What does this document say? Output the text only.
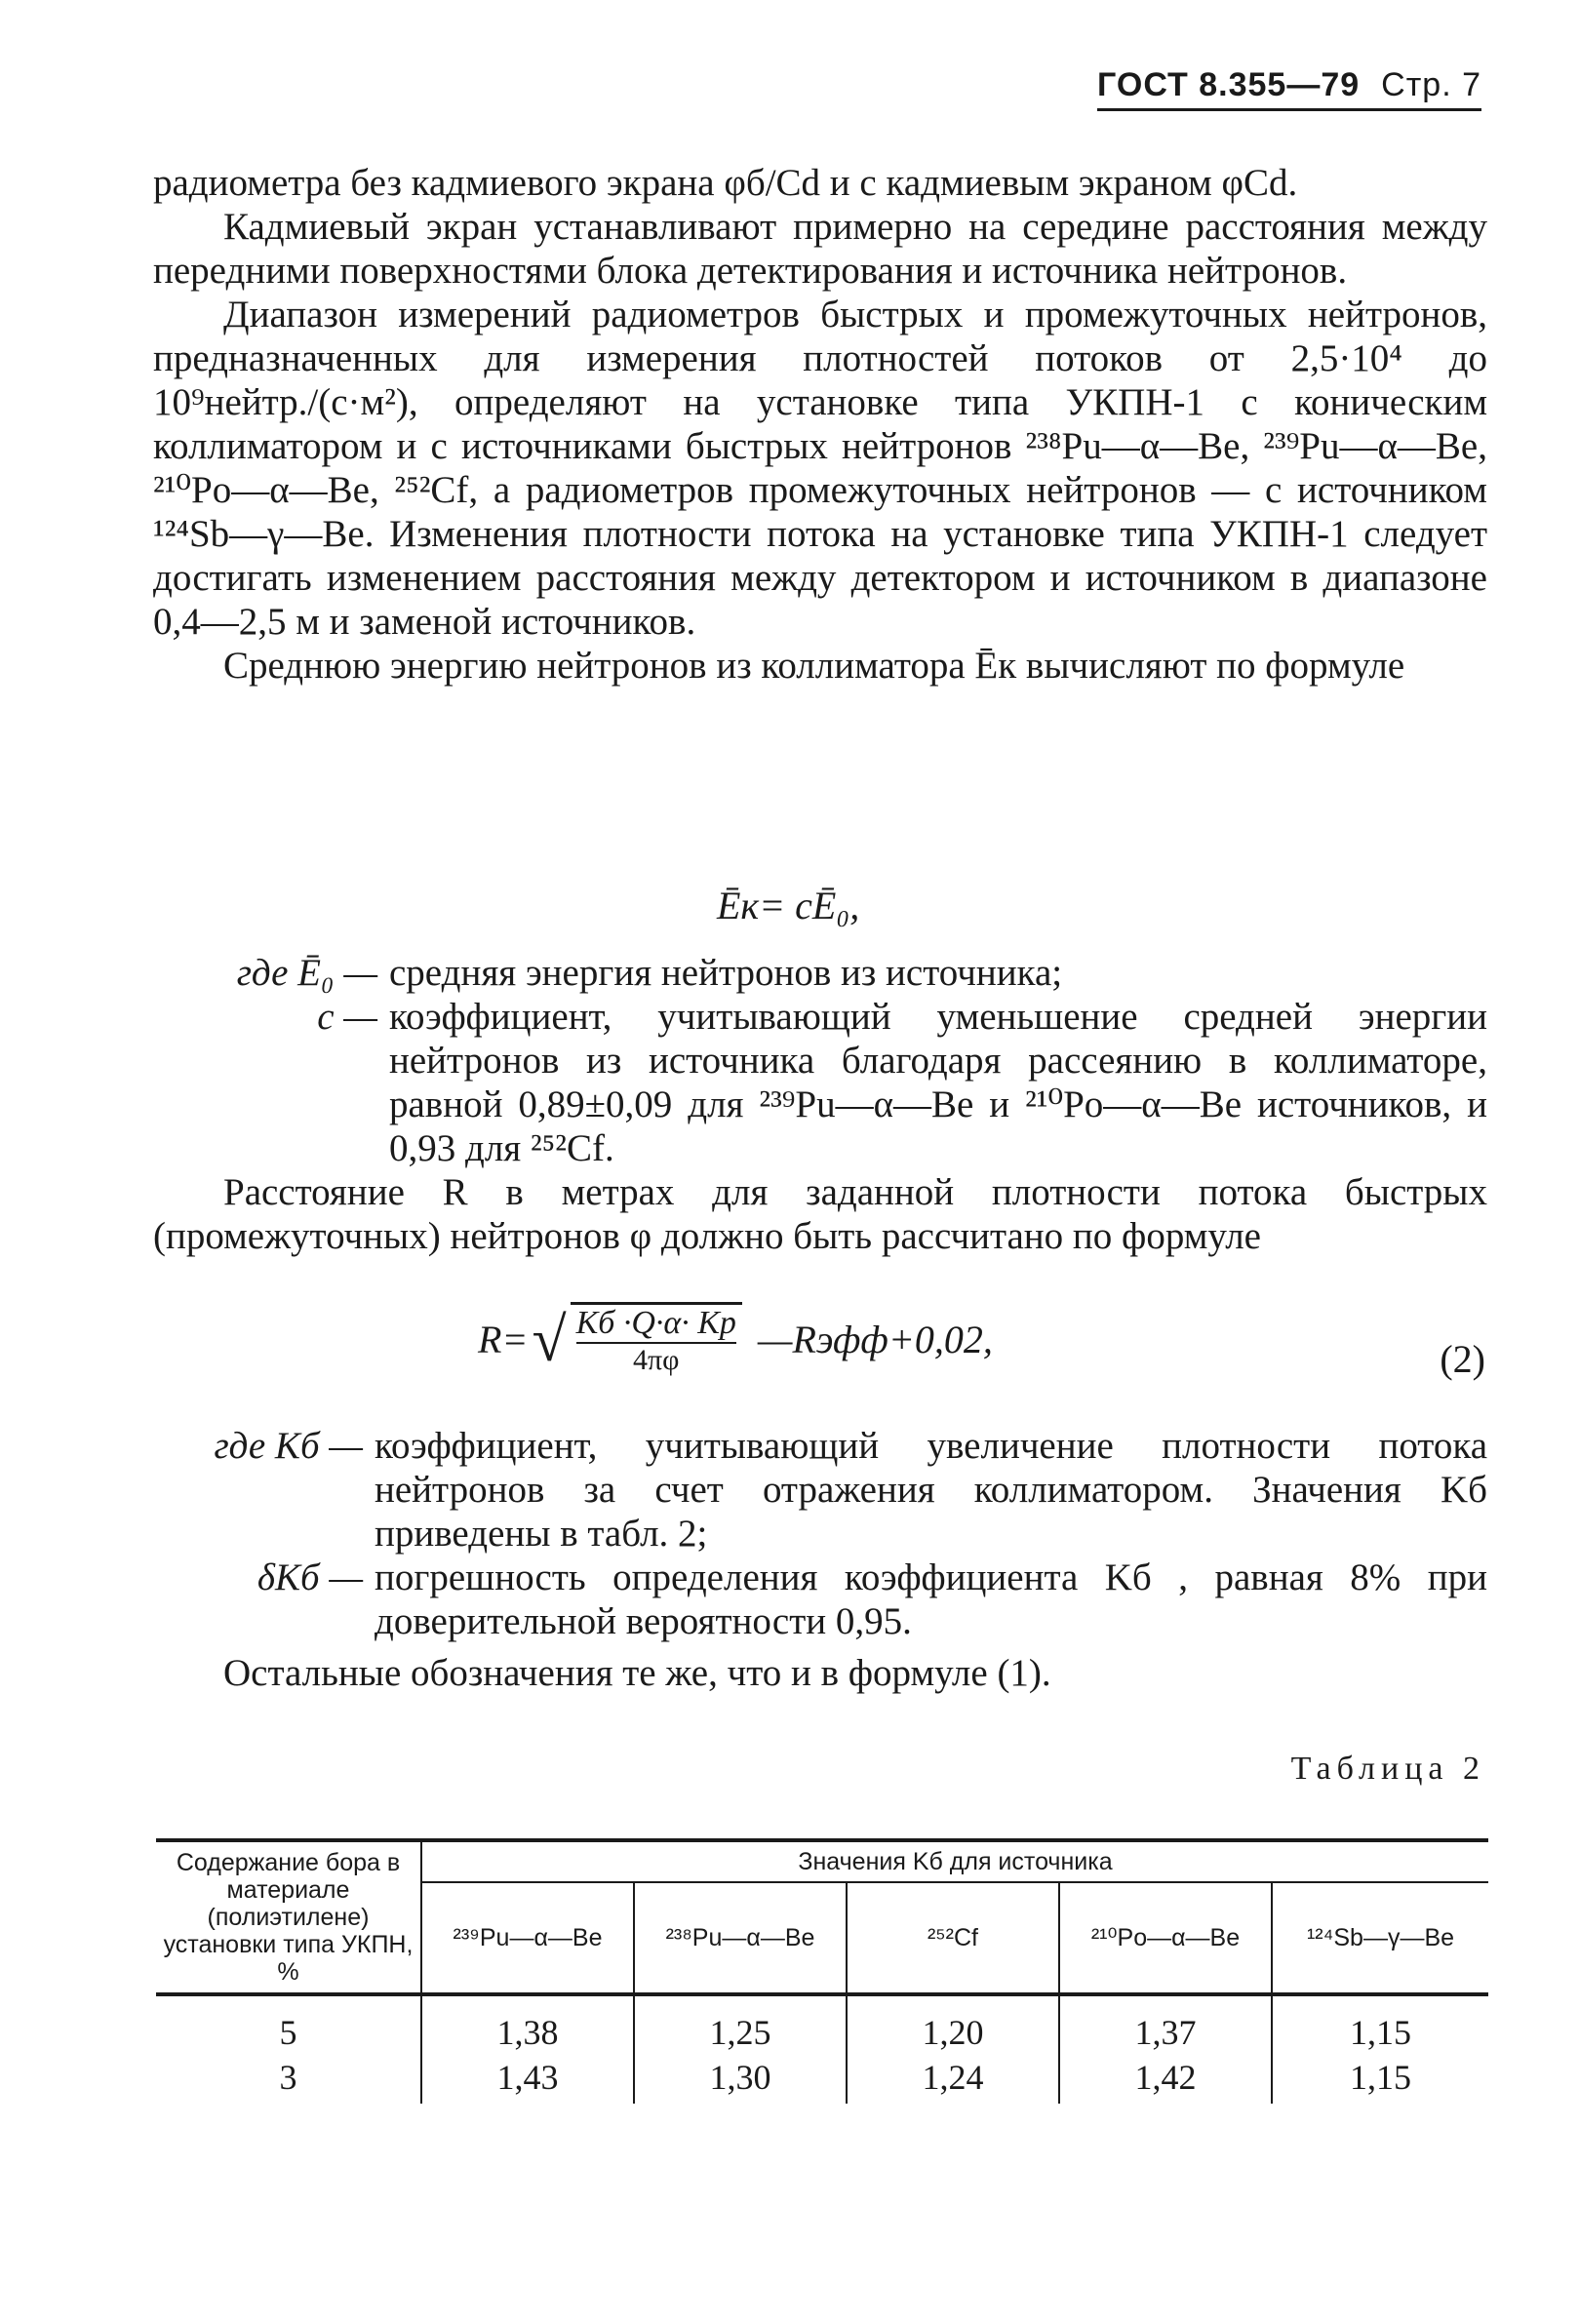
ГОСТ 8.355—79 Стр. 7

радиометра без кадмиевого экрана φб/Cd и с кадмиевым экраном φCd.

Кадмиевый экран устанавливают примерно на середине расстояния между передними поверхностями блока детектирования и источника нейтронов.

Диапазон измерений радиометров быстрых и промежуточных нейтронов, предназначенных для измерения плотностей потоков от 2,5·10⁴ до 10⁹нейтр./(с·м²), определяют на установке типа УКПН-1 с коническим коллиматором и с источниками быстрых нейтронов ²³⁸Pu—α—Be, ²³⁹Pu—α—Be, ²¹⁰Po—α—Be, ²⁵²Cf, а радиометров промежуточных нейтронов — с источником ¹²⁴Sb—γ—Be. Изменения плотности потока на установке типа УКПН-1 следует достигать изменением расстояния между детектором и источником в диапазоне 0,4—2,5 м и заменой источников.

Среднюю энергию нейтронов из коллиматора Ēк вычисляют по формуле

Ēк= cĒ₀,
где Ē₀ — средняя энергия нейтронов из источника;
c — коэффициент, учитывающий уменьшение средней энергии нейтронов из источника благодаря рассеянию в коллиматоре, равной 0,89±0,09 для ²³⁹Pu—α—Be и ²¹⁰Po—α—Be источников, и 0,93 для ²⁵²Cf.

Расстояние R в метрах для заданной плотности потока быстрых (промежуточных) нейтронов φ должно быть рассчитано по формуле

R= √ Kб ·Q·α· Kр
4πφ —Rэфф+0,02,	(2)
где Kб — коэффициент, учитывающий увеличение плотности потока нейтронов за счет отражения коллиматором. Значения Kб приведены в табл. 2;
δKб — погрешность определения коэффициента Kб , равная 8% при доверительной вероятности 0,95.

Остальные обозначения те же, что и в формуле (1).

Таблица 2
Содержание бора в материале (полиэтилене) установки типа УКПН, %	Значения Kб для источника				
	²³⁹Pu—α—Be	²³⁸Pu—α—Be	²⁵²Cf	²¹⁰Po—α—Be	¹²⁴Sb—γ—Be
5	1,38	1,25	1,20	1,37	1,15
3	1,43	1,30	1,24	1,42	1,15
